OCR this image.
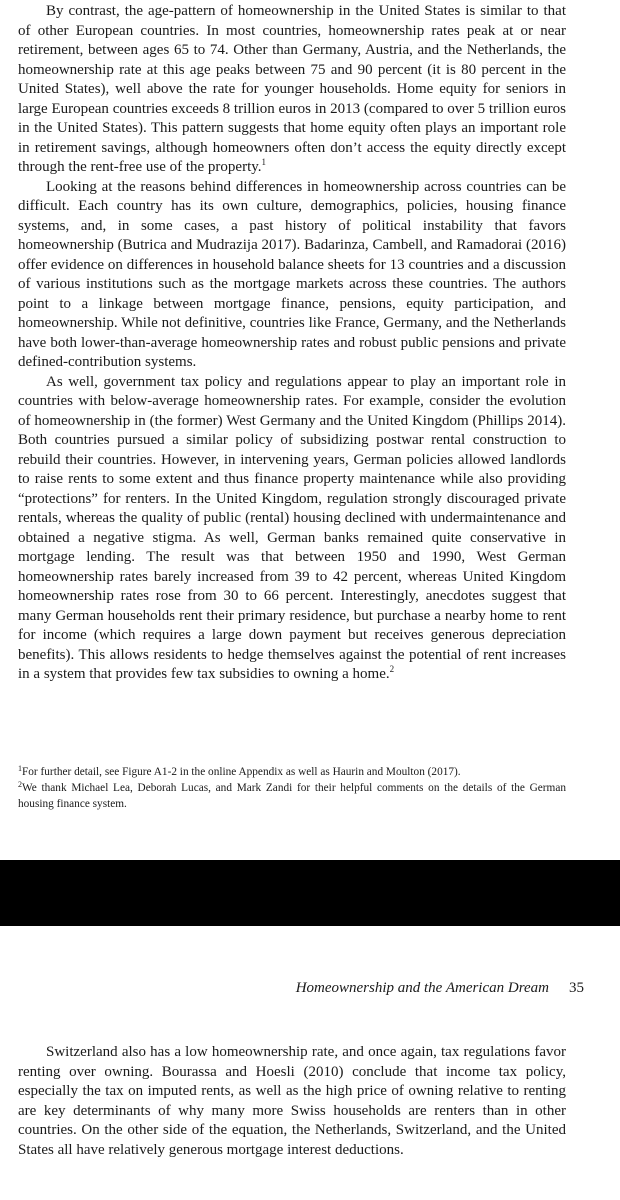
By contrast, the age-pattern of homeownership in the United States is similar to that of other European countries. In most countries, homeownership rates peak at or near retirement, between ages 65 to 74. Other than Germany, Austria, and the Netherlands, the homeownership rate at this age peaks between 75 and 90 percent (it is 80 percent in the United States), well above the rate for younger households. Home equity for seniors in large European countries exceeds 8 trillion euros in 2013 (compared to over 5 trillion euros in the United States). This pattern suggests that home equity often plays an important role in retirement savings, although homeowners often don’t access the equity directly except through the rent-free use of the property.$^1$

Looking at the reasons behind differences in homeownership across countries can be difficult. Each country has its own culture, demographics, policies, housing finance systems, and, in some cases, a past history of political instability that favors homeownership (Butrica and Mudrazija 2017). Badarinza, Cambell, and Ramadorai (2016) offer evidence on differences in household balance sheets for 13 countries and a discussion of various institutions such as the mortgage markets across these countries. The authors point to a linkage between mortgage finance, pensions, equity participation, and homeownership. While not definitive, countries like France, Germany, and the Netherlands have both lower-than-average homeownership rates and robust public pensions and private defined-contribution systems.

As well, government tax policy and regulations appear to play an important role in countries with below-average homeownership rates. For example, consider the evolution of homeownership in (the former) West Germany and the United Kingdom (Phillips 2014). Both countries pursued a similar policy of subsidizing postwar rental construction to rebuild their countries. However, in intervening years, German policies allowed landlords to raise rents to some extent and thus finance property maintenance while also providing “protections” for renters. In the United Kingdom, regulation strongly discouraged private rentals, whereas the quality of public (rental) housing declined with undermaintenance and obtained a negative stigma. As well, German banks remained quite conservative in mortgage lending. The result was that between 1950 and 1990, West German homeownership rates barely increased from 39 to 42 percent, whereas United Kingdom homeownership rates rose from 30 to 66 percent. Interestingly, anecdotes suggest that many German households rent their primary residence, but purchase a nearby home to rent for income (which requires a large down payment but receives generous depreciation benefits). This allows residents to hedge themselves against the potential of rent increases in a system that provides few tax subsidies to owning a home.$^2$

$^1$For further detail, see Figure A1-2 in the online Appendix as well as Haurin and Moulton (2017).

$^2$We thank Michael Lea, Deborah Lucas, and Mark Zandi for their helpful comments on the details of the German housing finance system.

Homeownership and the American Dream 35

Switzerland also has a low homeownership rate, and once again, tax regulations favor renting over owning. Bourassa and Hoesli (2010) conclude that income tax policy, especially the tax on imputed rents, as well as the high price of owning relative to renting are key determinants of why many more Swiss households are renters than in other countries. On the other side of the equation, the Netherlands, Switzerland, and the United States all have relatively generous mortgage interest deductions.
